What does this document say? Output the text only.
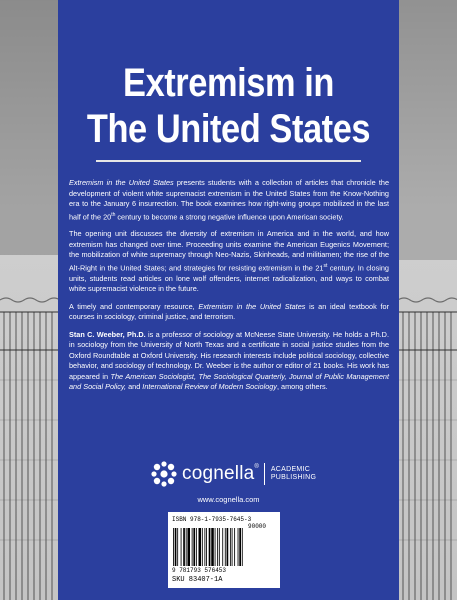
Extremism in
The United States

Extremism in the United States presents students with a collection of articles that chronicle the development of violent white supremacist extremism in the United States from the Know-Nothing era to the January 6 insurrection. The book examines how right-wing groups mobilized in the last half of the 20th century to become a strong negative influence upon American society.

The opening unit discusses the diversity of extremism in America and in the world, and how extremism has changed over time. Proceeding units examine the American Eugenics Movement; the mobilization of white supremacy through Neo-Nazis, Skinheads, and militiamen; the rise of the Alt-Right in the United States; and strategies for resisting extremism in the 21st century. In closing units, students read articles on lone wolf offenders, internet radicalization, and ways to combat white supremacist violence in the future.

A timely and contemporary resource, Extremism in the United States is an ideal textbook for courses in sociology, criminal justice, and terrorism.

Stan C. Weeber, Ph.D. is a professor of sociology at McNeese State University. He holds a Ph.D. in sociology from the University of North Texas and a certificate in social justice studies from the Oxford Roundtable at Oxford University. His research interests include political sociology, collective behavior, and sociology of technology. Dr. Weeber is the author or editor of 21 books. His work has appeared in The American Sociologist, The Sociological Quarterly, Journal of Public Management and Social Policy, and International Review of Modern Sociology, among others.

cognella ® ACADEMIC
PUBLISHING
www.cognella.com
ISBN 978-1-7935-7645-3
90000
9 781793 576453
SKU 83407-1A
